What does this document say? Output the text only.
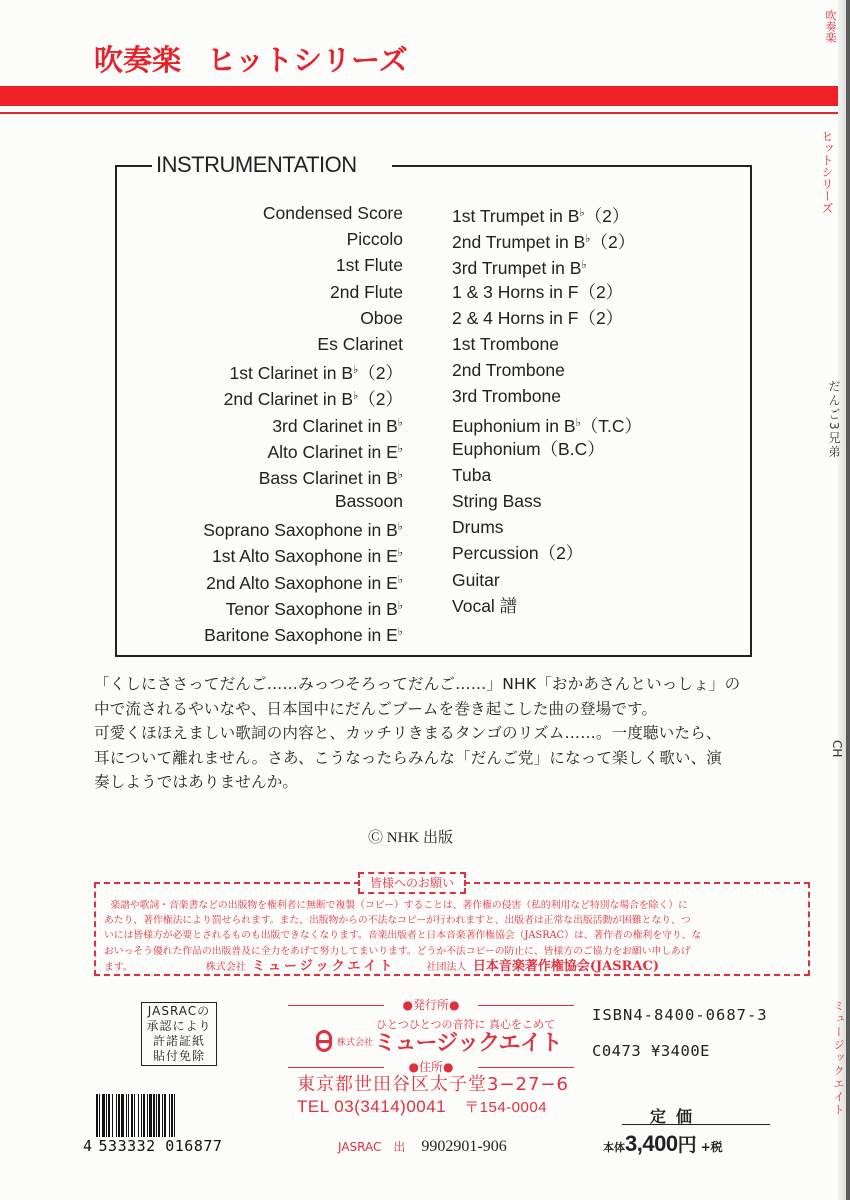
吹奏楽 ヒットシリーズ
INSTRUMENTATION
Condensed Score
Piccolo
1st Flute
2nd Flute
Oboe
Es Clarinet
1st Clarinet in B♭（2）
2nd Clarinet in B♭（2）
3rd Clarinet in B♭
Alto Clarinet in E♭
Bass Clarinet in B♭
Bassoon
Soprano Saxophone in B♭
1st Alto Saxophone in E♭
2nd Alto Saxophone in E♭
Tenor Saxophone in B♭
Baritone Saxophone in E♭
1st Trumpet in B♭（2）
2nd Trumpet in B♭（2）
3rd Trumpet in B♭
1 & 3 Horns in F（2）
2 & 4 Horns in F（2）
1st Trombone
2nd Trombone
3rd Trombone
Euphonium in B♭（T.C）
Euphonium（B.C）
Tuba
String Bass
Drums
Percussion（2）
Guitar
Vocal 譜

「くしにささってだんご……みっつそろってだんご……」NHK「おかあさんといっしょ」の

中で流されるやいなや、日本国中にだんごブームを巻き起こした曲の登場です。

可愛くほほえましい歌詞の内容と、カッチリきまるタンゴのリズム……。一度聴いたら、

耳について離れません。さあ、こうなったらみんな「だんご党」になって楽しく歌い、演

奏しようではありませんか。

Ⓒ NHK 出版
皆様へのお願い

楽譜や歌詞・音楽書などの出版物を権利者に無断で複製（コピー）することは、著作権の侵害（私的利用など特別な場合を除く）に

あたり、著作権法により罰せられます。また、出版物からの不法なコピーが行われますと、出版者は正常な出版活動が困難となり、つ

いには皆様方が必要とされるものも出版できなくなります。音楽出版者と日本音楽著作権協会（JASRAC）は、著作者の権利を守り、な

おいっそう優れた作品の出版普及に全力をあげて努力してまいります。どうか不法コピーの防止に、皆様方のご協力をお願い申しあげ

ます。	株式会社 ミュージックエイト	社団法人 日本音楽著作権協会(JASRAC)

JASRACの
承認により
許諾証紙
貼付免除
4 533332 016877
●発行所●
ひとつひとつの音符に 真心をこめて
株式会社 ミュージックエイト
●住所●
東京都世田谷区太子堂3−27−6
TEL 03(3414)0041 〒154-0004
JASRAC 出 9902901-906
ISBN4-8400-0687-3
C0473 ¥3400E
定価
本体3,400円 +税
吹奏楽
ヒットシリーズ
だんご3兄弟
CH
ミュージックエイト
